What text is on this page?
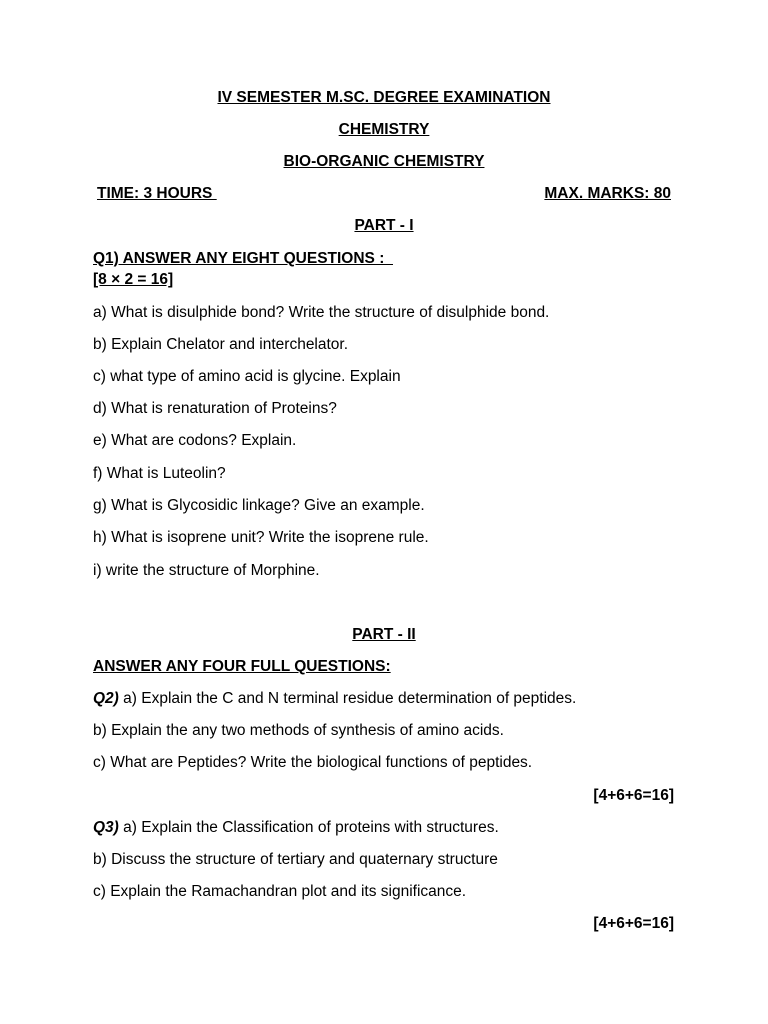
IV SEMESTER M.SC. DEGREE EXAMINATION
CHEMISTRY
BIO-ORGANIC CHEMISTRY
TIME: 3 HOURS	MAX. MARKS: 80
PART - I
Q1) ANSWER ANY EIGHT QUESTIONS :
[8 × 2 = 16]
a) What is disulphide bond? Write the structure of disulphide bond.
b) Explain Chelator and interchelator.
c) what type of amino acid is glycine. Explain
d) What is renaturation of Proteins?
e) What are codons? Explain.
f) What is Luteolin?
g) What is Glycosidic linkage? Give an example.
h) What is isoprene unit? Write the isoprene rule.
i) write the structure of Morphine.
PART - II
ANSWER ANY FOUR FULL QUESTIONS:
Q2) a) Explain the C and N terminal residue determination of peptides.
b) Explain the any two methods of synthesis of amino acids.
c) What are Peptides? Write the biological functions of peptides.
[4+6+6=16]
Q3) a) Explain the Classification of proteins with structures.
b) Discuss the structure of tertiary and quaternary structure
c) Explain the Ramachandran plot and its significance.
[4+6+6=16]
